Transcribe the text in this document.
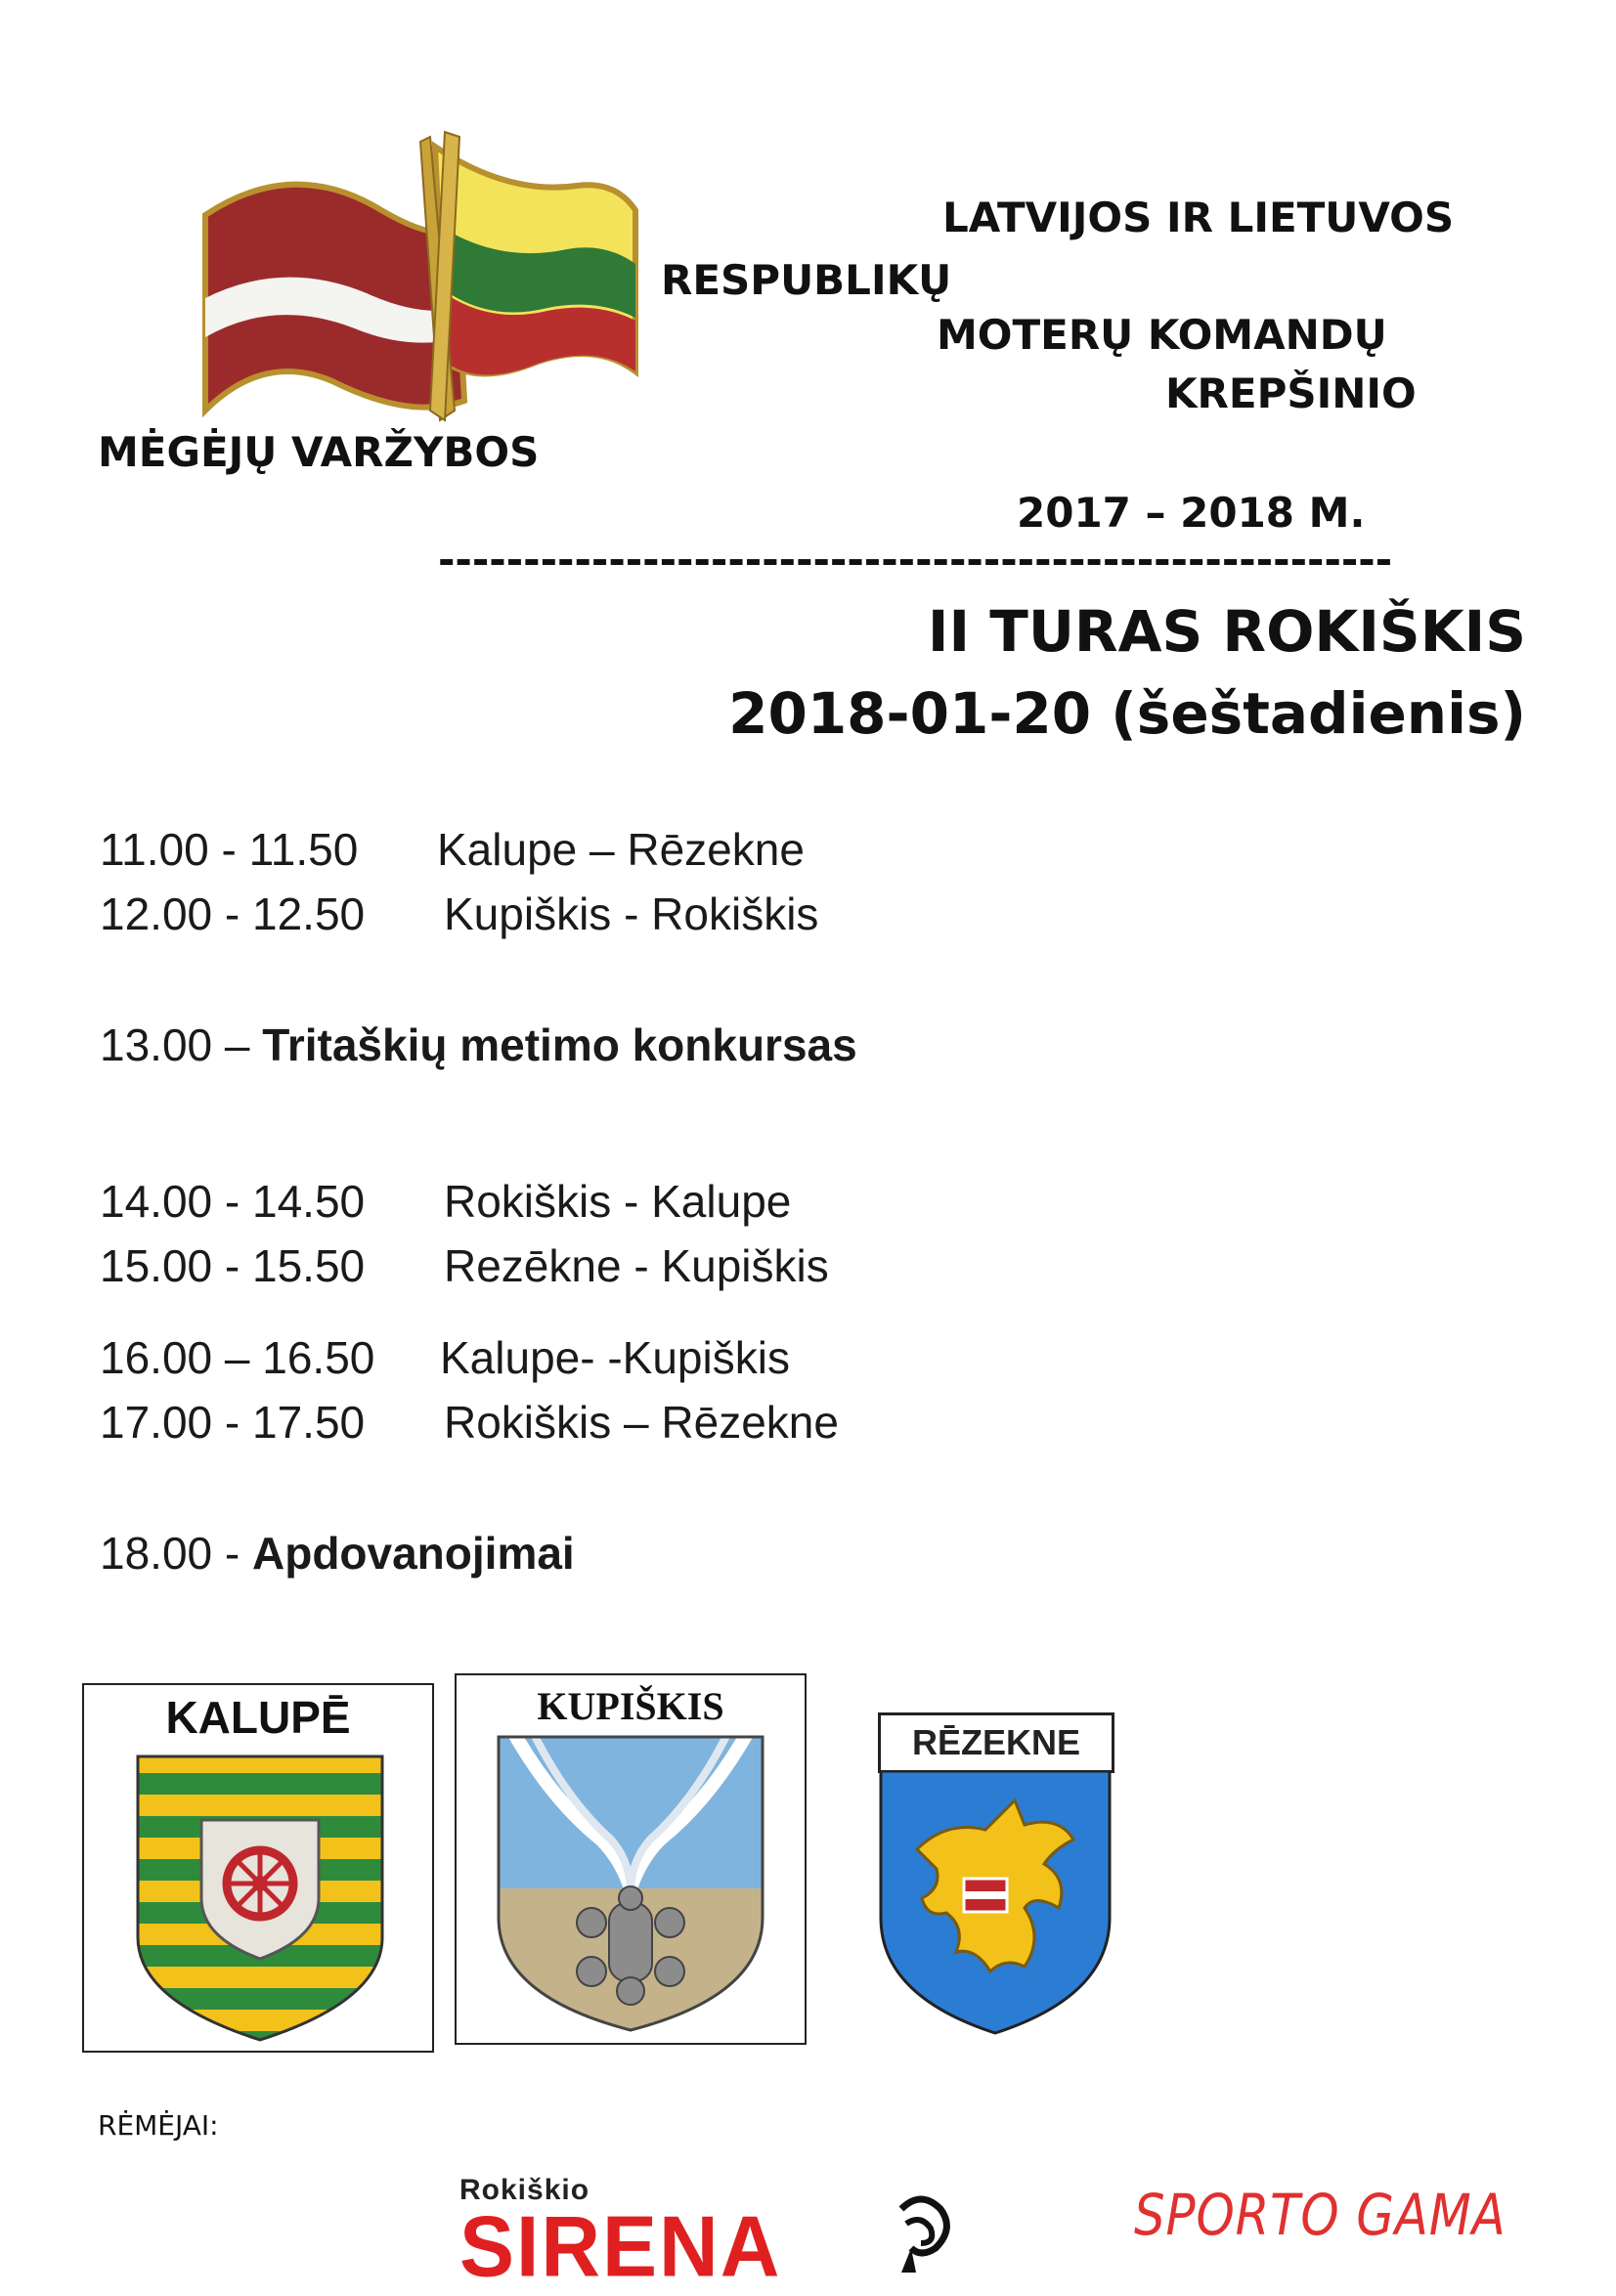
LATVIJOS IR LIETUVOS
RESPUBLIKŲ
MOTERŲ KOMANDŲ
KREPŠINIO
MĖGĖJŲ VARŽYBOS
2017 – 2018 M.
--------------------------------------------------------
II TURAS ROKIŠKIS
2018-01-20 (šeštadienis)
11.00 - 11.50 Kalupe – Rēzekne
12.00 - 12.50 Kupiškis - Rokiškis
13.00 – Tritaškių metimo konkursas
14.00 - 14.50 Rokiškis - Kalupe
15.00 - 15.50 Rezēkne - Kupiškis
16.00 – 16.50 Kalupe- -Kupiškis
17.00 - 17.50 Rokiškis – Rēzekne
18.00 - Apdovanojimai
KALUPĒ	KUPIŠKIS
RĒZEKNE
RĖMĖJAI:
Rokiškio
SIRENA	SPORTO GAMA
